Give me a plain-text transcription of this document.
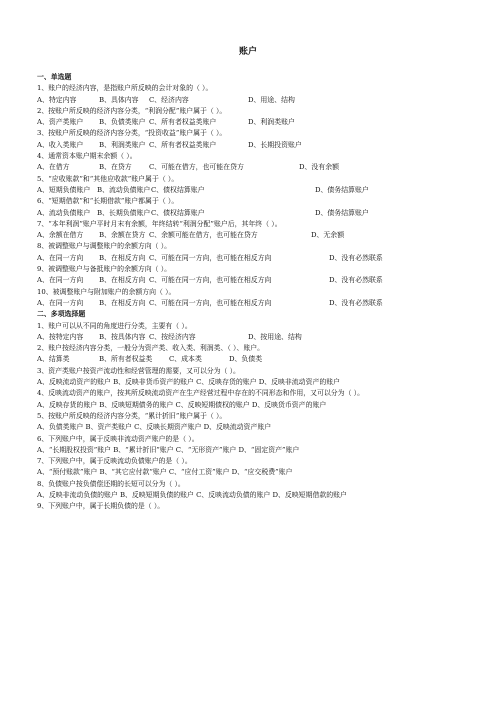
账户
一、单选题
1、账户的经济内容，是指账户所反映的会计对象的（ ）。
A、特定内容	B、具体内容	C、经济内容	D、用途、结构
2、按账户所反映的经济内容分类，“利润分配”账户属于（ ）。
A、资产类账户	B、负债类账户 C、所有者权益类账户	D、利润类账户
3、按账户所反映的经济内容分类，“投资收益”账户属于（ ）。
A、收入类账户	B、利润类账户 C、所有者权益类账户	D、长期投资账户
4、通常资本账户期末余额（ ）。
A、在借方	B、在贷方	C、可能在借方，也可能在贷方	D、没有余额
5、“应收账款”和“其他应收款”账户属于（ ）。
A、短期负债账户 B、流动负债账户 C、债权结算账户	D、债务结算账户
6、“短期借款”和“长期借款”账户都属于（ ）。
A、流动负债账户 B、长期负债账户 C、债权结算账户	D、债务结算账户
7、“本年利润”账户平时月末有余额，年终结转“利润分配”账户后，其年终（ ）。
A、余额在借方	B、余额在贷方 C、余额可能在借方，也可能在贷方	D、无余额
8、被调整账户与调整账户的余额方向（ ）。
A、在同一方向	B、在相反方向 C、可能在同一方向，也可能在相反方向	D、没有必然联系
9、被调整账户与备抵账户的余额方向（ ）。
A、在同一方向	B、在相反方向 C、可能在同一方向，也可能在相反方向	D、没有必然联系
10、被调整账户与附加账户的余额方向（ ）。
A、在同一方向	B、在相反方向 C、可能在同一方向，也可能在相反方向	D、没有必然联系
二、多项选择题
1、账户可以从不同的角度进行分类，主要有（ ）。
A、按特定内容	B、按具体内容 C、按经济内容	D、按用途、结构
2、账户按经济内容分类，一般分为资产类、收入类、利润类、（ ）、账户。
A、结算类	B、所有者权益类	C、成本类	D、负债类
3、资产类账户按资产流动性和经营管理的需要，又可以分为（ ）。
A、反映流动资产的账户 B、反映非货币资产的账户 C、反映存货的账户 D、反映非流动资产的账户
4、反映流动资产的账户，按其所反映流动资产在生产经营过程中存在的不同形态和作用，又可以分为（ ）。
A、反映存货的账户 B、反映短期债务的账户 C、反映短期债权的账户 D、反映货币资产的账户
5、按账户所反映的经济内容分类，“累计折旧”账户属于（ ）。
A、负债类账户 B、资产类账户 C、反映长期资产账户 D、反映流动资产账户
6、下列账户中，属于反映非流动资产账户的是（ ）。
A、“长期股权投资”账户 B、“累计折旧”账户 C、“无形资产”账户 D、“固定资产”账户
7、下列账户中，属于反映流动负债账户的是（ ）。
A、“预付账款”账户 B、“其它应付款”账户 C、“应付工资”账户 D、“应交税费”账户
8、负债账户按负债偿还期的长短可以分为（ ）。
A、反映非流动负债的账户 B、反映短期负债的账户 C、反映流动负债的账户 D、反映短期借款的账户
9、下列账户中，属于长期负债的是（ ）。
